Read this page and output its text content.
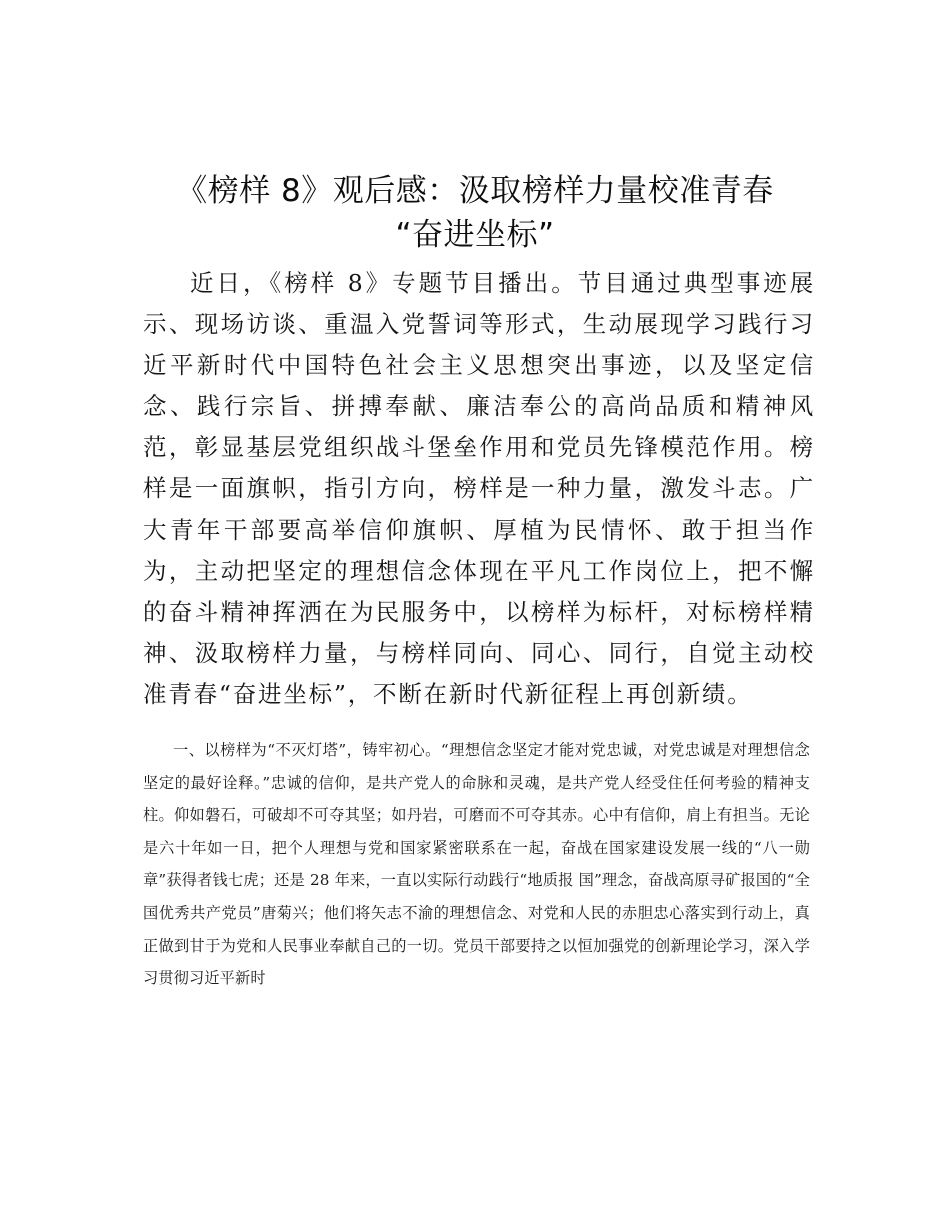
《榜样 8》观后感：汲取榜样力量校准青春
“奋进坐标”

近日，《榜样 8》专题节目播出。节目通过典型事迹展示、现场访谈、重温入党誓词等形式，生动展现学习践行习近平新时代中国特色社会主义思想突出事迹，以及坚定信念、践行宗旨、拼搏奉献、廉洁奉公的高尚品质和精神风范，彰显基层党组织战斗堡垒作用和党员先锋模范作用。榜样是一面旗帜，指引方向，榜样是一种力量，激发斗志。广大青年干部要高举信仰旗帜、厚植为民情怀、敢于担当作为，主动把坚定的理想信念体现在平凡工作岗位上，把不懈的奋斗精神挥洒在为民服务中，以榜样为标杆，对标榜样精神、汲取榜样力量，与榜样同向、同心、同行，自觉主动校准青春“奋进坐标”，不断在新时代新征程上再创新绩。

一、以榜样为“不灭灯塔”，铸牢初心。“理想信念坚定才能对党忠诚，对党忠诚是对理想信念坚定的最好诠释。”忠诚的信仰，是共产党人的命脉和灵魂，是共产党人经受住任何考验的精神支柱。仰如磐石，可破却不可夺其坚；如丹岩，可磨而不可夺其赤。心中有信仰，肩上有担当。无论是六十年如一日，把个人理想与党和国家紧密联系在一起，奋战在国家建设发展一线的“八一勋章”获得者钱七虎；还是 28 年来，一直以实际行动践行“地质报 国”理念，奋战高原寻矿报国的“全国优秀共产党员”唐菊兴；他们将矢志不渝的理想信念、对党和人民的赤胆忠心落实到行动上，真正做到甘于为党和人民事业奉献自己的一切。党员干部要持之以恒加强党的创新理论学习，深入学习贯彻习近平新时
